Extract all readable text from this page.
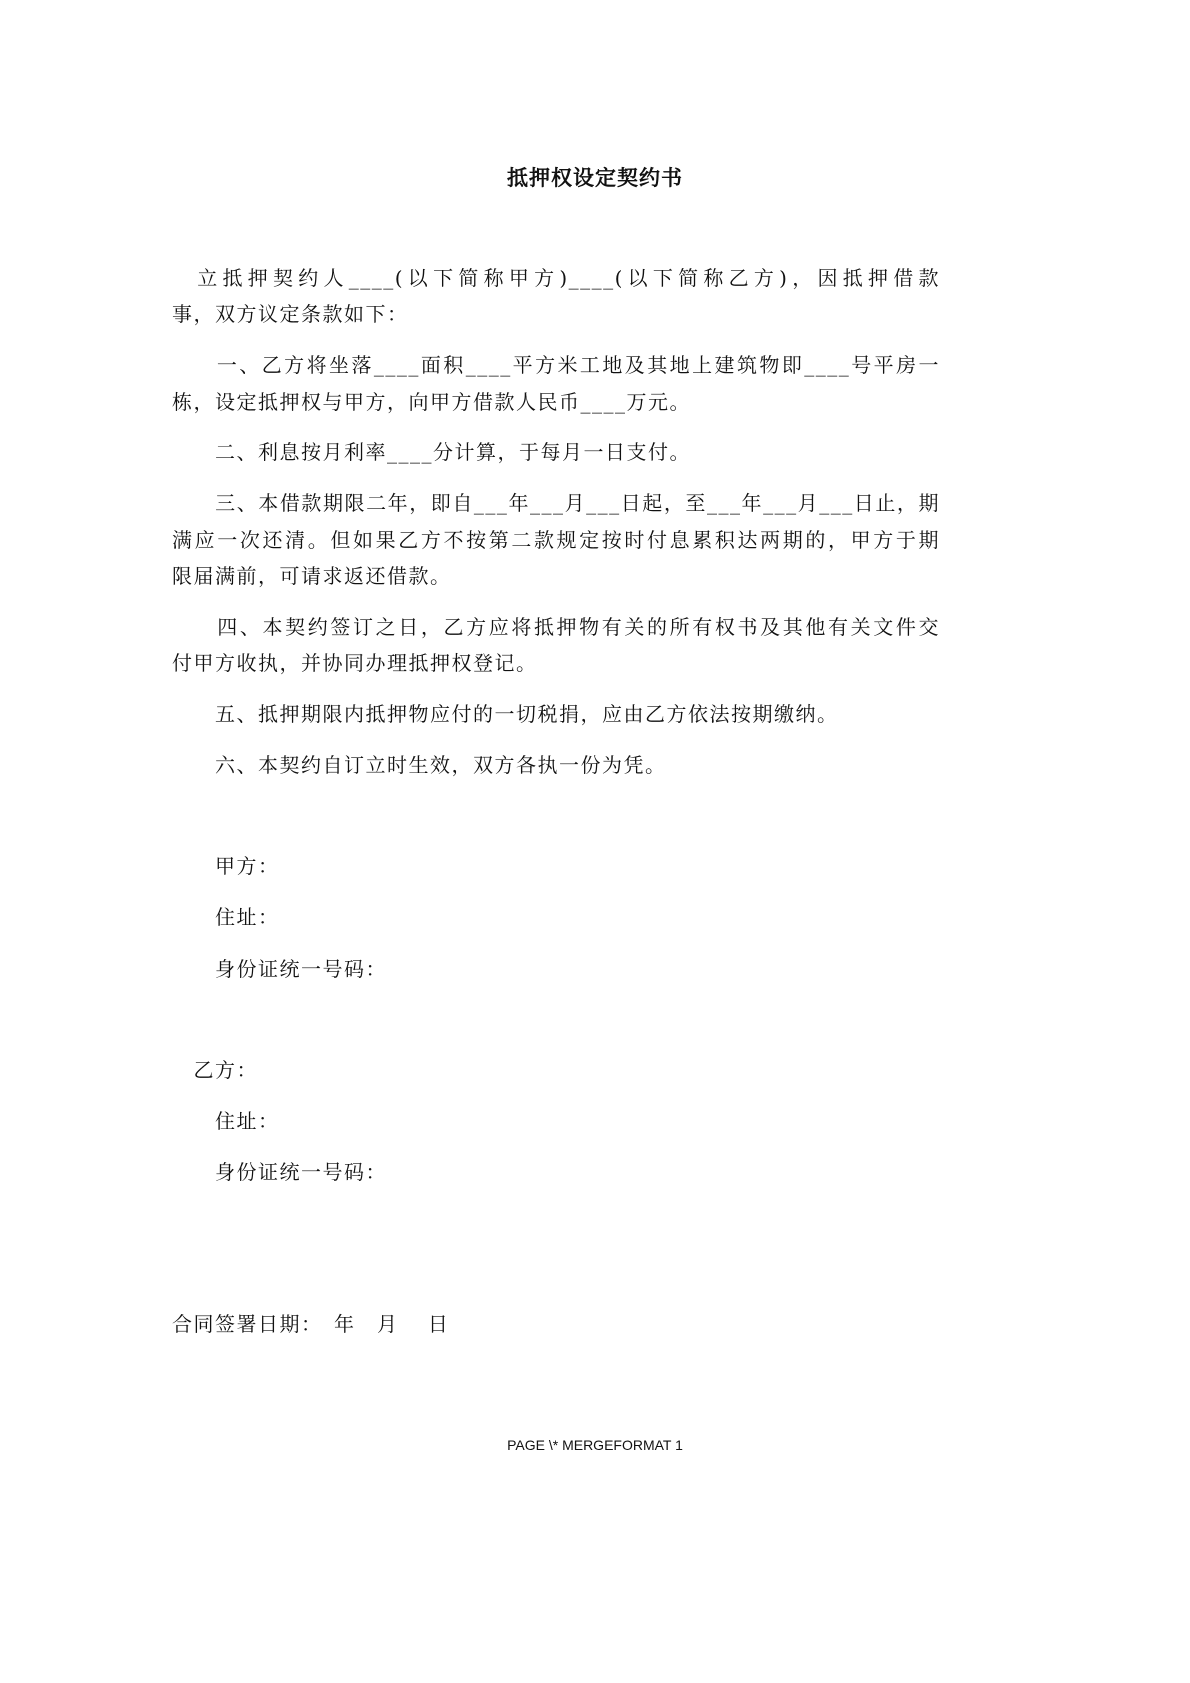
抵押权设定契约书
　立抵押契约人____(以下简称甲方)____(以下简称乙方)，因抵押借款
事，双方议定条款如下：
　　一、乙方将坐落____面积____平方米工地及其地上建筑物即____号平房一
栋，设定抵押权与甲方，向甲方借款人民币____万元。
　　二、利息按月利率____分计算，于每月一日支付。
　　三、本借款期限二年，即自___年___月___日起，至___年___月___日止，期
满应一次还清。但如果乙方不按第二款规定按时付息累积达两期的，甲方于期
限届满前，可请求返还借款。
　　四、本契约签订之日，乙方应将抵押物有关的所有权书及其他有关文件交
付甲方收执，并协同办理抵押权登记。
　　五、抵押期限内抵押物应付的一切税捐，应由乙方依法按期缴纳。
　　六、本契约自订立时生效，双方各执一份为凭。
　　甲方：
　　住址：
　　身份证统一号码：
　乙方：
　　住址：
　　身份证统一号码：
合同签署日期：　年　月　 日
PAGE \* MERGEFORMAT 1
